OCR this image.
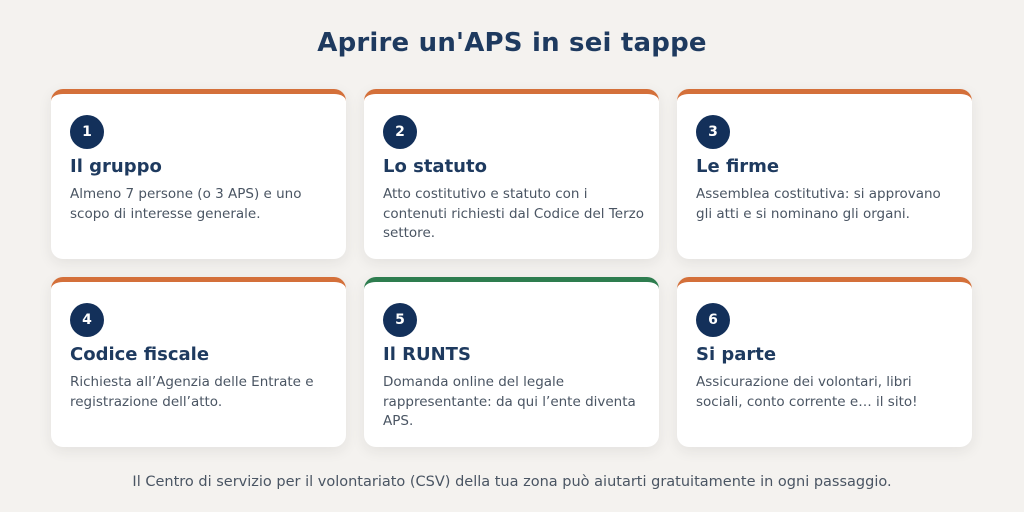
Aprire un'APS in sei tappe
1
Il gruppo

Almeno 7 persone (o 3 APS) e uno scopo di interesse generale.

2
Lo statuto

Atto costitutivo e statuto con i contenuti richiesti dal Codice del Terzo settore.

3
Le firme

Assemblea costitutiva: si approvano gli atti e si nominano gli organi.

4
Codice fiscale

Richiesta all’Agenzia delle Entrate e registrazione dell’atto.

5
Il RUNTS

Domanda online del legale rappresentante: da qui l’ente diventa APS.

6
Si parte

Assicurazione dei volontari, libri sociali, conto corrente e… il sito!

Il Centro di servizio per il volontariato (CSV) della tua zona può aiutarti gratuitamente in ogni passaggio.
